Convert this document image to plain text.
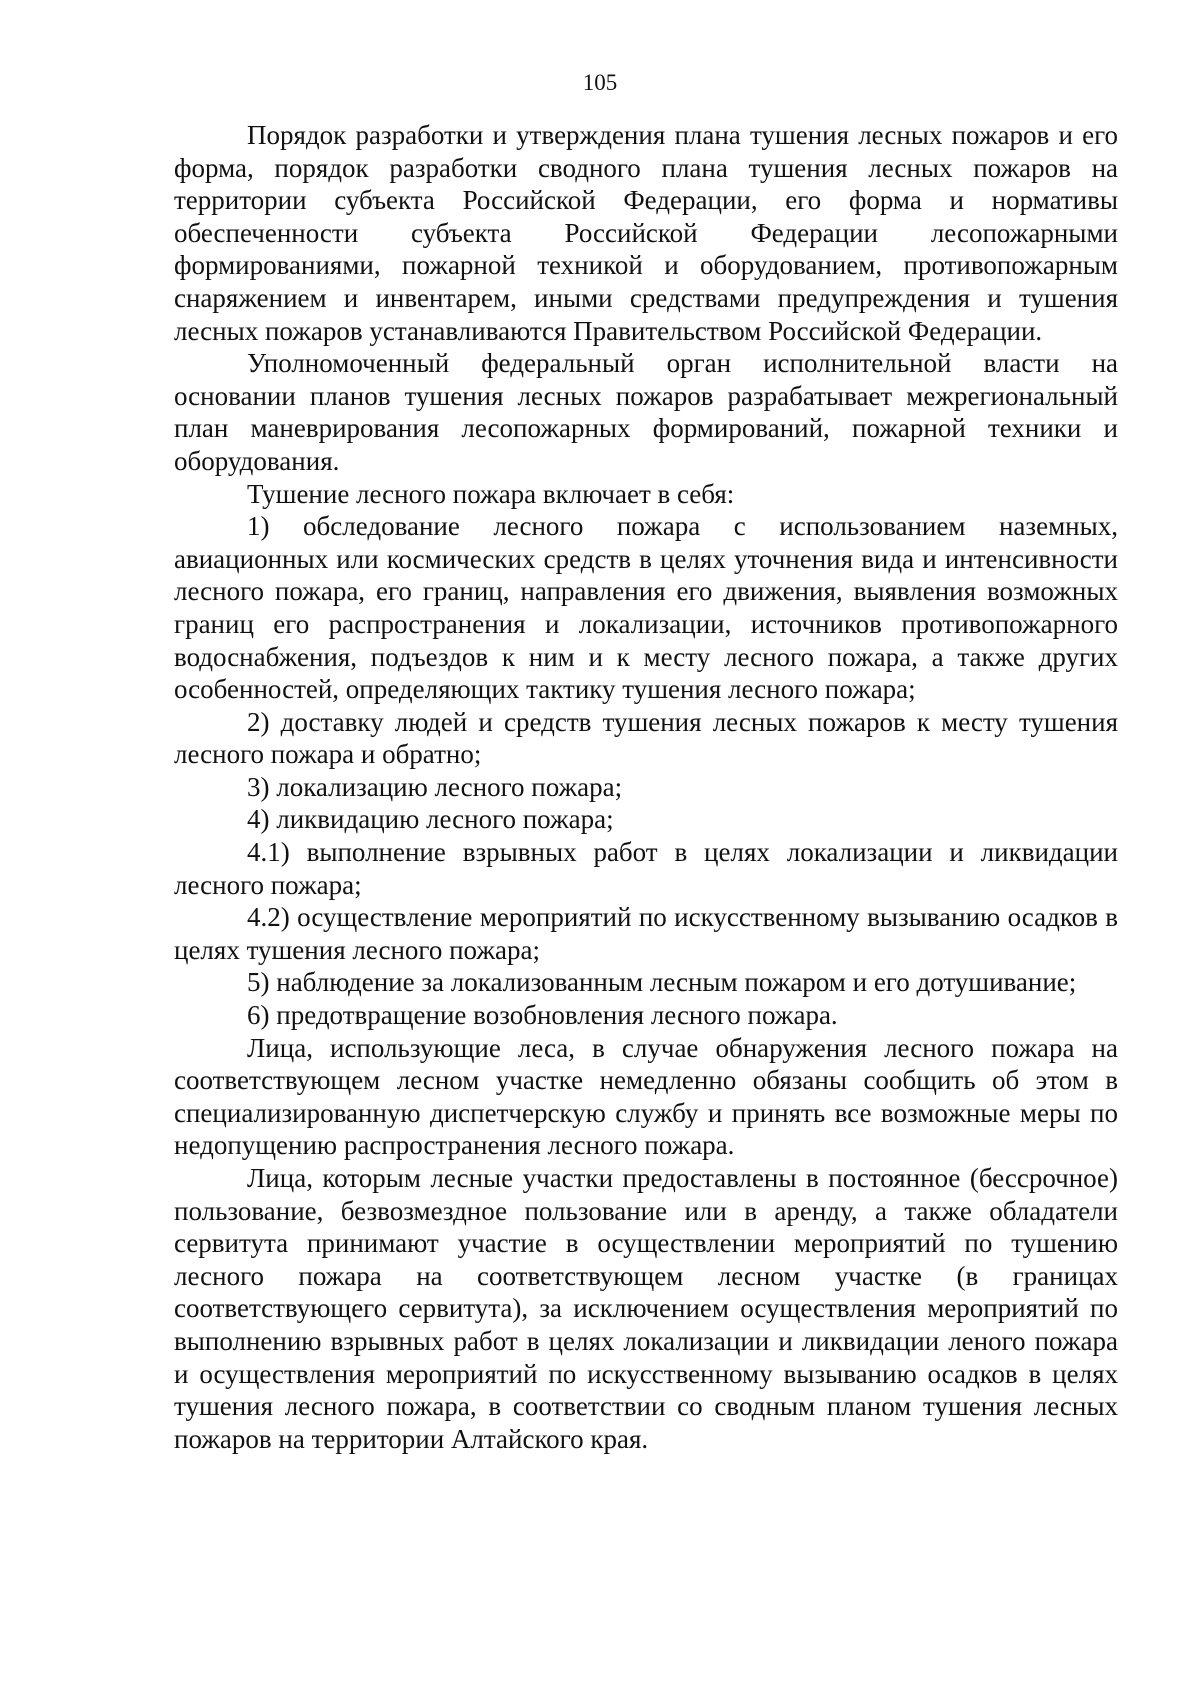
105

Порядок разработки и утверждения плана тушения лесных пожаров и его форма, порядок разработки сводного плана тушения лесных пожаров на территории субъекта Российской Федерации, его форма и нормативы обеспеченности субъекта Российской Федерации лесопожарными формированиями, пожарной техникой и оборудованием, противопожарным снаряжением и инвентарем, иными средствами предупреждения и тушения лесных пожаров устанавливаются Правительством Российской Федерации.

Уполномоченный федеральный орган исполнительной власти на основании планов тушения лесных пожаров разрабатывает межрегиональный план маневрирования лесопожарных формирований, пожарной техники и оборудования.

Тушение лесного пожара включает в себя:

1) обследование лесного пожара с использованием наземных, авиационных или космических средств в целях уточнения вида и интенсивности лесного пожара, его границ, направления его движения, выявления возможных границ его распространения и локализации, источников противопожарного водоснабжения, подъездов к ним и к месту лесного пожара, а также других особенностей, определяющих тактику тушения лесного пожара;

2) доставку людей и средств тушения лесных пожаров к месту тушения лесного пожара и обратно;

3) локализацию лесного пожара;

4) ликвидацию лесного пожара;

4.1) выполнение взрывных работ в целях локализации и ликвидации лесного пожара;

4.2) осуществление мероприятий по искусственному вызыванию осадков в целях тушения лесного пожара;

5) наблюдение за локализованным лесным пожаром и его дотушивание;

6) предотвращение возобновления лесного пожара.

Лица, использующие леса, в случае обнаружения лесного пожара на соответствующем лесном участке немедленно обязаны сообщить об этом в специализированную диспетчерскую службу и принять все возможные меры по недопущению распространения лесного пожара.

Лица, которым лесные участки предоставлены в постоянное (бессрочное) пользование, безвозмездное пользование или в аренду, а также обладатели сервитута принимают участие в осуществлении мероприятий по тушению лесного пожара на соответствующем лесном участке (в границах соответствующего сервитута), за исключением осуществления мероприятий по выполнению взрывных работ в целях локализации и ликвидации леного пожара и осуществления мероприятий по искусственному вызыванию осадков в целях тушения лесного пожара, в соответствии со сводным планом тушения лесных пожаров на территории Алтайского края.
